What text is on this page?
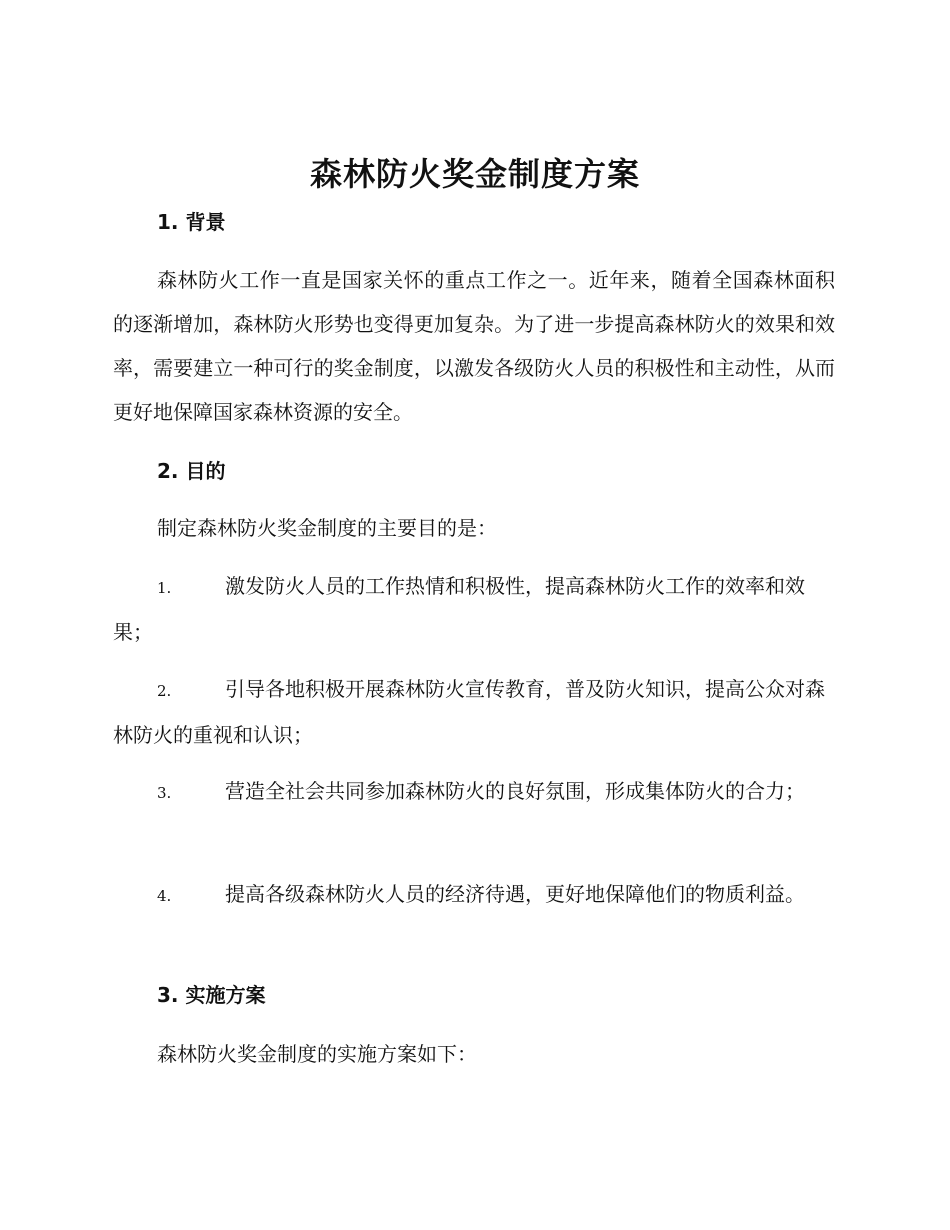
森林防火奖金制度方案
1. 背景
森林防火工作一直是国家关怀的重点工作之一。近年来，随着全国森林面积的逐渐增加，森林防火形势也变得更加复杂。为了进一步提高森林防火的效果和效率，需要建立一种可行的奖金制度，以激发各级防火人员的积极性和主动性，从而更好地保障国家森林资源的安全。
2. 目的
制定森林防火奖金制度的主要目的是：
1.	激发防火人员的工作热情和积极性，提高森林防火工作的效率和效果；
2.	引导各地积极开展森林防火宣传教育，普及防火知识，提高公众对森林防火的重视和认识；
3.	营造全社会共同参加森林防火的良好氛围，形成集体防火的合力；
4.	提高各级森林防火人员的经济待遇，更好地保障他们的物质利益。
3. 实施方案
森林防火奖金制度的实施方案如下：
